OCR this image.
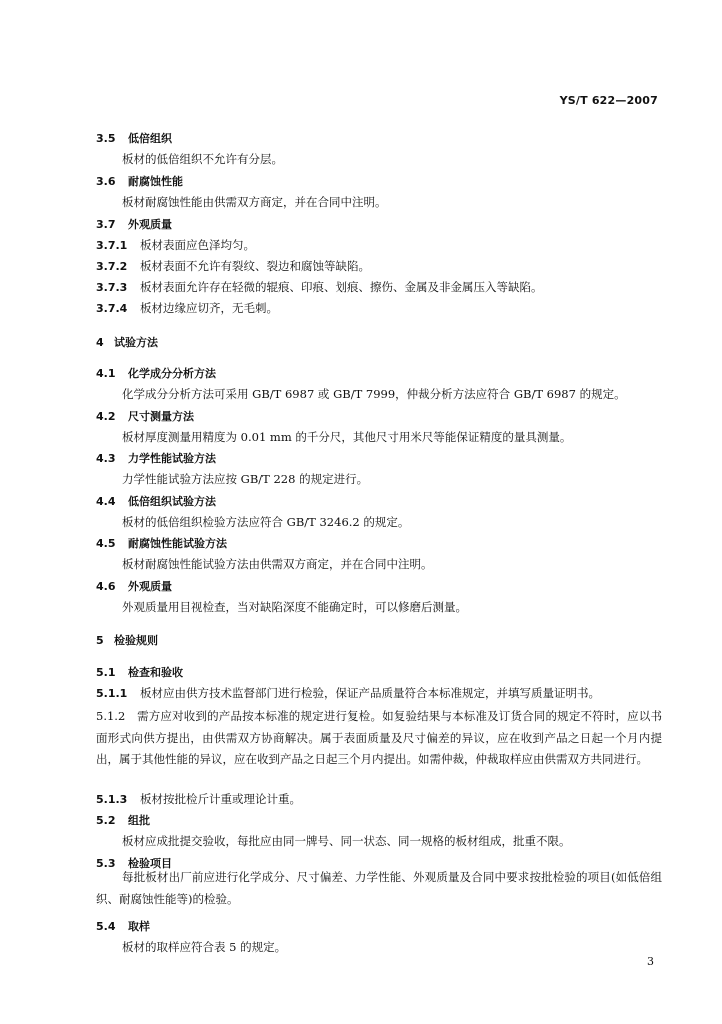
YS/T 622—2007
3.5 低倍组织
板材的低倍组织不允许有分层。
3.6 耐腐蚀性能
板材耐腐蚀性能由供需双方商定，并在合同中注明。
3.7 外观质量
3.7.1 板材表面应色泽均匀。
3.7.2 板材表面不允许有裂纹、裂边和腐蚀等缺陷。
3.7.3 板材表面允许存在轻微的辊痕、印痕、划痕、擦伤、金属及非金属压入等缺陷。
3.7.4 板材边缘应切齐，无毛刺。
4 试验方法
4.1 化学成分分析方法
化学成分分析方法可采用 GB/T 6987 或 GB/T 7999，仲裁分析方法应符合 GB/T 6987 的规定。
4.2 尺寸测量方法
板材厚度测量用精度为 0.01 mm 的千分尺，其他尺寸用米尺等能保证精度的量具测量。
4.3 力学性能试验方法
力学性能试验方法应按 GB/T 228 的规定进行。
4.4 低倍组织试验方法
板材的低倍组织检验方法应符合 GB/T 3246.2 的规定。
4.5 耐腐蚀性能试验方法
板材耐腐蚀性能试验方法由供需双方商定，并在合同中注明。
4.6 外观质量
外观质量用目视检查，当对缺陷深度不能确定时，可以修磨后测量。
5 检验规则
5.1 检查和验收
5.1.1 板材应由供方技术监督部门进行检验，保证产品质量符合本标准规定，并填写质量证明书。
5.1.2　需方应对收到的产品按本标准的规定进行复检。如复验结果与本标准及订货合同的规定不符时，应以书面形式向供方提出，由供需双方协商解决。属于表面质量及尺寸偏差的异议，应在收到产品之日起一个月内提出，属于其他性能的异议，应在收到产品之日起三个月内提出。如需仲裁，仲裁取样应由供需双方共同进行。
5.1.3 板材按批检斤计重或理论计重。
5.2 组批
板材应成批提交验收，每批应由同一牌号、同一状态、同一规格的板材组成，批重不限。
5.3 检验项目
每批板材出厂前应进行化学成分、尺寸偏差、力学性能、外观质量及合同中要求按批检验的项目(如低倍组织、耐腐蚀性能等)的检验。
5.4 取样
板材的取样应符合表 5 的规定。
3
